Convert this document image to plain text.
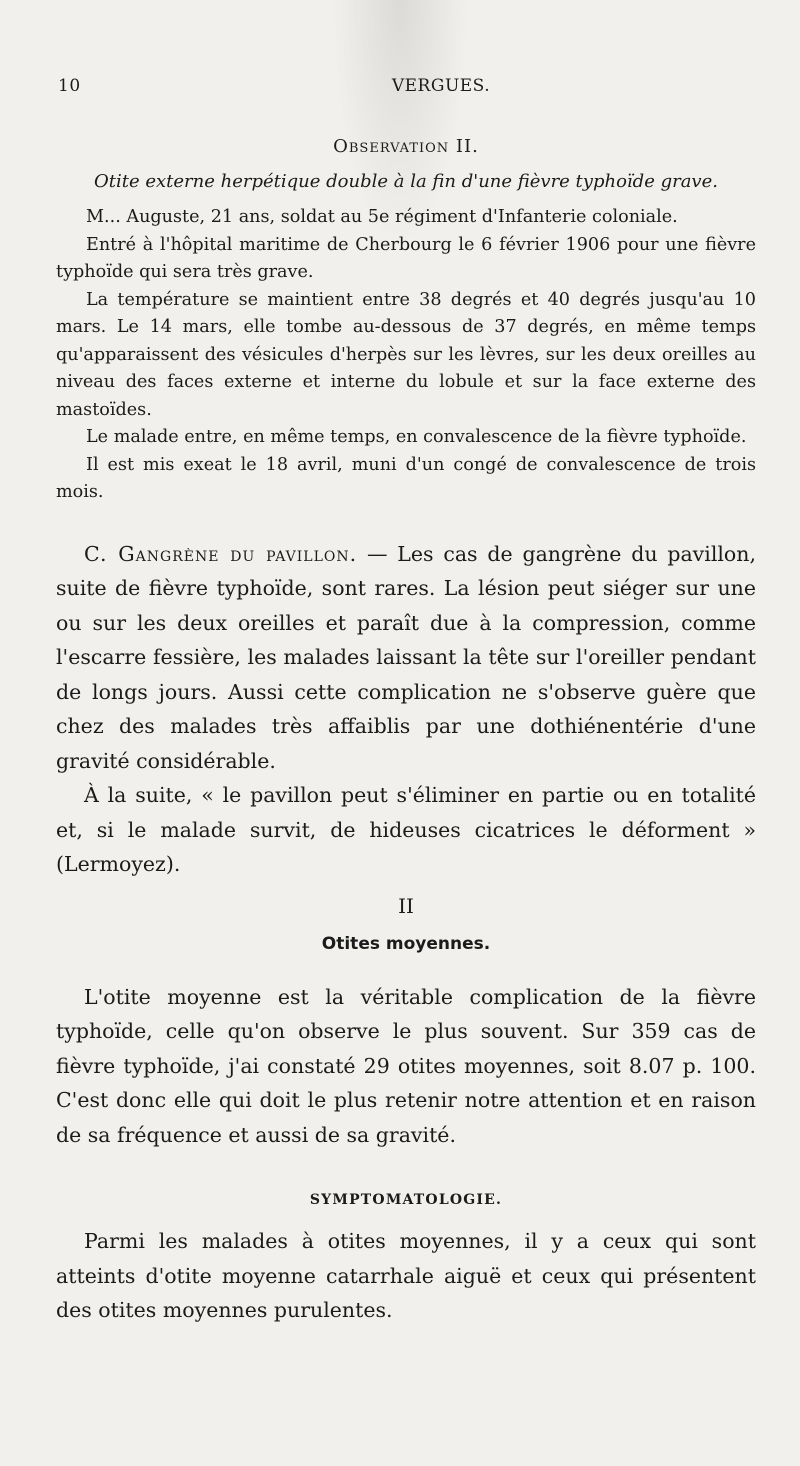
10	VERGUES.
Observation II.
Otite externe herpétique double à la fin d'une fièvre typhoïde grave.

M... Auguste, 21 ans, soldat au 5e régiment d'Infanterie coloniale.

Entré à l'hôpital maritime de Cherbourg le 6 février 1906 pour une fièvre typhoïde qui sera très grave.

La température se maintient entre 38 degrés et 40 degrés jusqu'au 10 mars. Le 14 mars, elle tombe au-dessous de 37 degrés, en même temps qu'apparaissent des vésicules d'herpès sur les lèvres, sur les deux oreilles au niveau des faces externe et interne du lobule et sur la face externe des mastoïdes.

Le malade entre, en même temps, en convalescence de la fièvre typhoïde.

Il est mis exeat le 18 avril, muni d'un congé de convalescence de trois mois.

C. Gangrène du pavillon. — Les cas de gangrène du pavillon, suite de fièvre typhoïde, sont rares. La lésion peut siéger sur une ou sur les deux oreilles et paraît due à la compression, comme l'escarre fessière, les malades laissant la tête sur l'oreiller pendant de longs jours. Aussi cette complication ne s'observe guère que chez des malades très affaiblis par une dothiénentérie d'une gravité considérable.

À la suite, « le pavillon peut s'éliminer en partie ou en totalité et, si le malade survit, de hideuses cicatrices le déforment » (Lermoyez).

II
Otites moyennes.

L'otite moyenne est la véritable complication de la fièvre typhoïde, celle qu'on observe le plus souvent. Sur 359 cas de fièvre typhoïde, j'ai constaté 29 otites moyennes, soit 8.07 p. 100. C'est donc elle qui doit le plus retenir notre attention et en raison de sa fréquence et aussi de sa gravité.

SYMPTOMATOLOGIE.

Parmi les malades à otites moyennes, il y a ceux qui sont atteints d'otite moyenne catarrhale aiguë et ceux qui présentent des otites moyennes purulentes.
